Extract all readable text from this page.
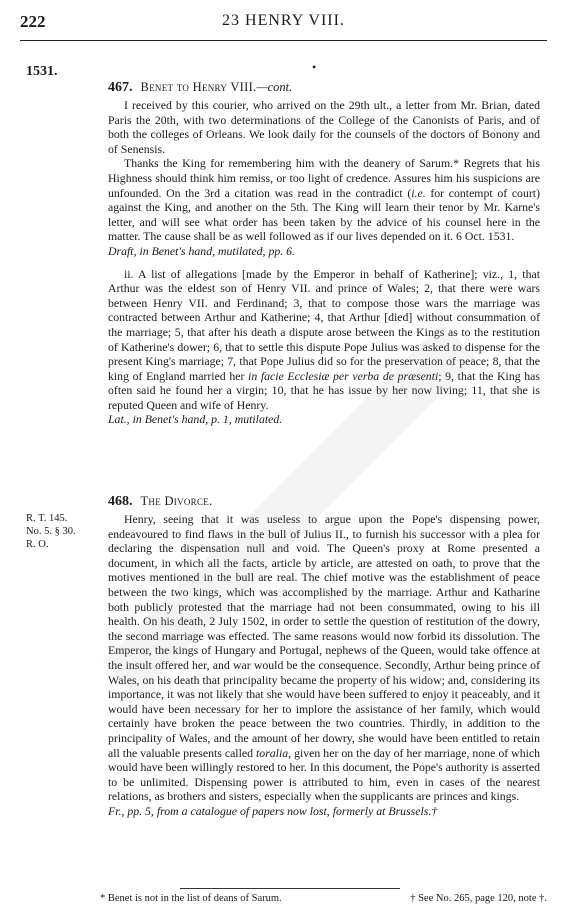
222	23 HENRY VIII.
1531.	•
467. Benet to Henry VIII.—cont.

I received by this courier, who arrived on the 29th ult., a letter from Mr. Brian, dated Paris the 20th, with two determinations of the College of the Canonists of Paris, and of both the colleges of Orleans. We look daily for the counsels of the doctors of Bonony and of Senensis.

Thanks the King for remembering him with the deanery of Sarum.* Regrets that his Highness should think him remiss, or too light of credence. Assures him his suspicions are unfounded. On the 3rd a citation was read in the contradict (i.e. for contempt of court) against the King, and another on the 5th. The King will learn their tenor by Mr. Karne's letter, and will see what order has been taken by the advice of his counsel here in the matter. The cause shall be as well followed as if our lives depended on it. 6 Oct. 1531.

Draft, in Benet's hand, mutilated, pp. 6.

ii. A list of allegations [made by the Emperor in behalf of Katherine]; viz., 1, that Arthur was the eldest son of Henry VII. and prince of Wales; 2, that there were wars between Henry VII. and Ferdinand; 3, that to compose those wars the marriage was contracted between Arthur and Katherine; 4, that Arthur [died] without consummation of the marriage; 5, that after his death a dispute arose between the Kings as to the restitution of Katherine's dower; 6, that to settle this dispute Pope Julius was asked to dispense for the present King's marriage; 7, that Pope Julius did so for the preservation of peace; 8, that the king of England married her in facie Ecclesiæ per verba de præsenti; 9, that the King has often said he found her a virgin; 10, that he has issue by her now living; 11, that she is reputed Queen and wife of Henry.

Lat., in Benet's hand, p. 1, mutilated.

468. The Divorce.
R. T. 145.
No. 5. § 30.
R. O.

Henry, seeing that it was useless to argue upon the Pope's dispensing power, endeavoured to find flaws in the bull of Julius II., to furnish his successor with a plea for declaring the dispensation null and void. The Queen's proxy at Rome presented a document, in which all the facts, article by article, are attested on oath, to prove that the motives mentioned in the bull are real. The chief motive was the establishment of peace between the two kings, which was accomplished by the marriage. Arthur and Katharine both publicly protested that the marriage had not been consummated, owing to his ill health. On his death, 2 July 1502, in order to settle the question of restitution of the dowry, the second marriage was effected. The same reasons would now forbid its dissolution. The Emperor, the kings of Hungary and Portugal, nephews of the Queen, would take offence at the insult offered her, and war would be the consequence. Secondly, Arthur being prince of Wales, on his death that principality became the property of his widow; and, considering its importance, it was not likely that she would have been suffered to enjoy it peaceably, and it would have been necessary for her to implore the assistance of her family, which would certainly have broken the peace between the two countries. Thirdly, in addition to the principality of Wales, and the amount of her dowry, she would have been entitled to retain all the valuable presents called toralia, given her on the day of her marriage, none of which would have been willingly restored to her. In this document, the Pope's authority is asserted to be unlimited. Dispensing power is attributed to him, even in cases of the nearest relations, as brothers and sisters, especially when the supplicants are princes and kings.

Fr., pp. 5, from a catalogue of papers now lost, formerly at Brussels.†

* Benet is not in the list of deans of Sarum.	† See No. 265, page 120, note †.
